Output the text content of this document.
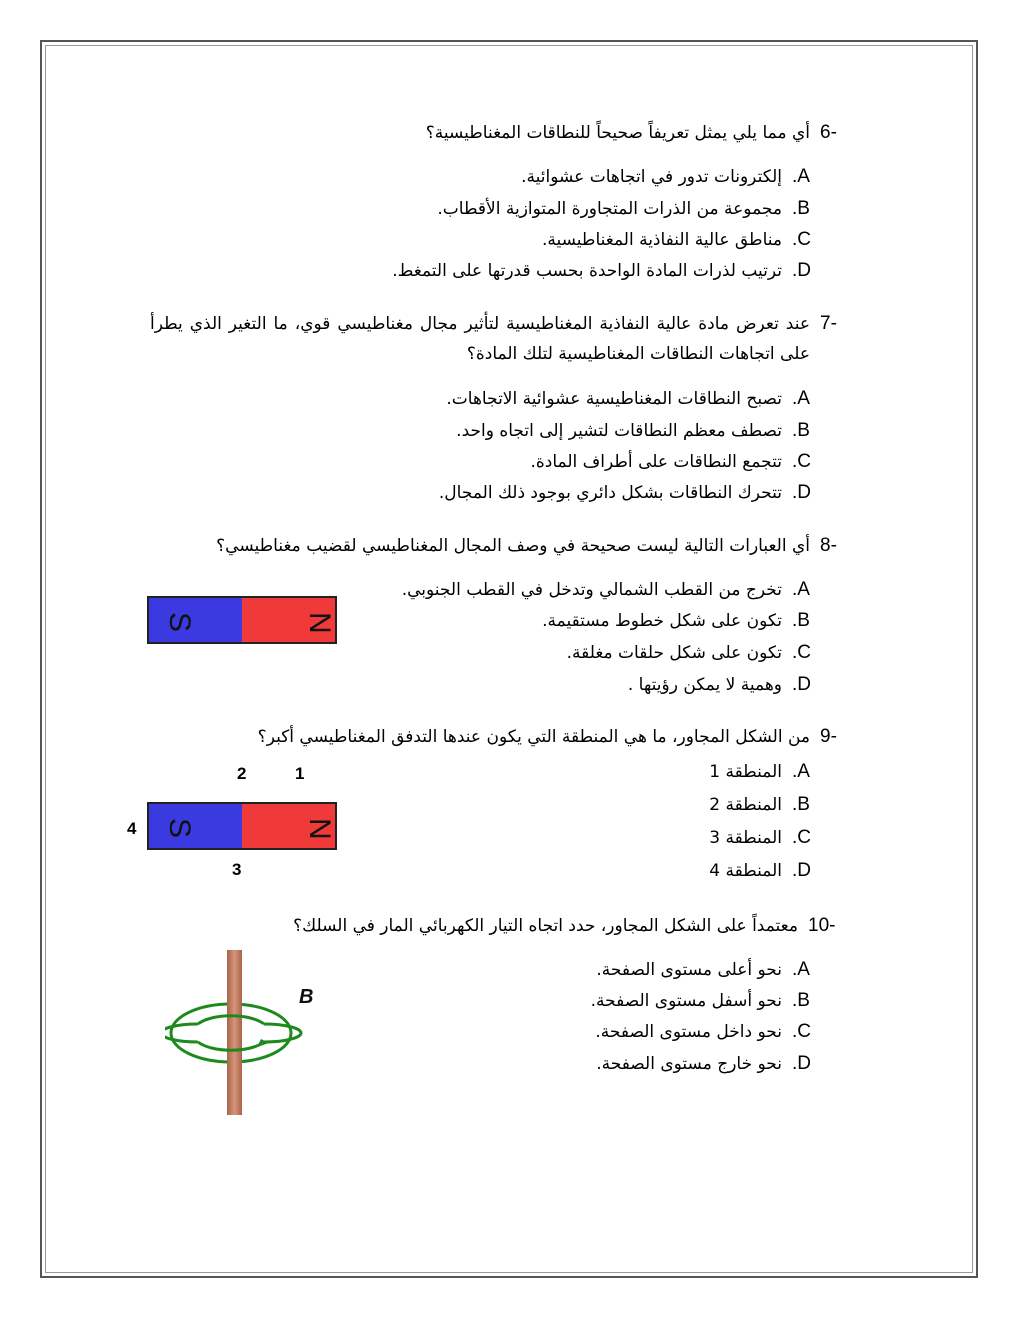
6-
أي مما يلي يمثل تعريفاً صحيحاً للنطاقات المغناطيسية؟
.A
إلكترونات تدور في اتجاهات عشوائية.
.B
مجموعة من الذرات المتجاورة المتوازية الأقطاب.
.C
مناطق عالية النفاذية المغناطيسية.
.D
ترتيب لذرات المادة الواحدة بحسب قدرتها على التمغط.
7-
عند تعرض مادة عالية النفاذية المغناطيسية لتأثير مجال مغناطيسي قوي، ما التغير الذي يطرأ على اتجاهات النطاقات المغناطيسية لتلك المادة؟
.A
تصبح النطاقات المغناطيسية عشوائية الاتجاهات.
.B
تصطف معظم النطاقات لتشير إلى اتجاه واحد.
.C
تتجمع النطاقات على أطراف المادة.
.D
تتحرك النطاقات بشكل دائري بوجود ذلك المجال.
8-
أي العبارات التالية ليست صحيحة في وصف المجال المغناطيسي لقضيب مغناطيسي؟
.A
تخرج من القطب الشمالي وتدخل في القطب الجنوبي.
.B
تكون على شكل خطوط مستقيمة.
.C
تكون على شكل حلقات مغلقة.
.D
وهمية لا يمكن رؤيتها .
S	N
9-
من الشكل المجاور، ما هي المنطقة التي يكون عندها التدفق المغناطيسي أكبر؟
.A
المنطقة 1
.B
المنطقة 2
.C
المنطقة 3
.D
المنطقة 4
2	1
4
3
S	N
10-
معتمداً على الشكل المجاور، حدد اتجاه التيار الكهربائي المار في السلك؟
.A
نحو أعلى مستوى الصفحة.
.B
نحو أسفل مستوى الصفحة.
.C
نحو داخل مستوى الصفحة.
.D
نحو خارج مستوى الصفحة.
B
